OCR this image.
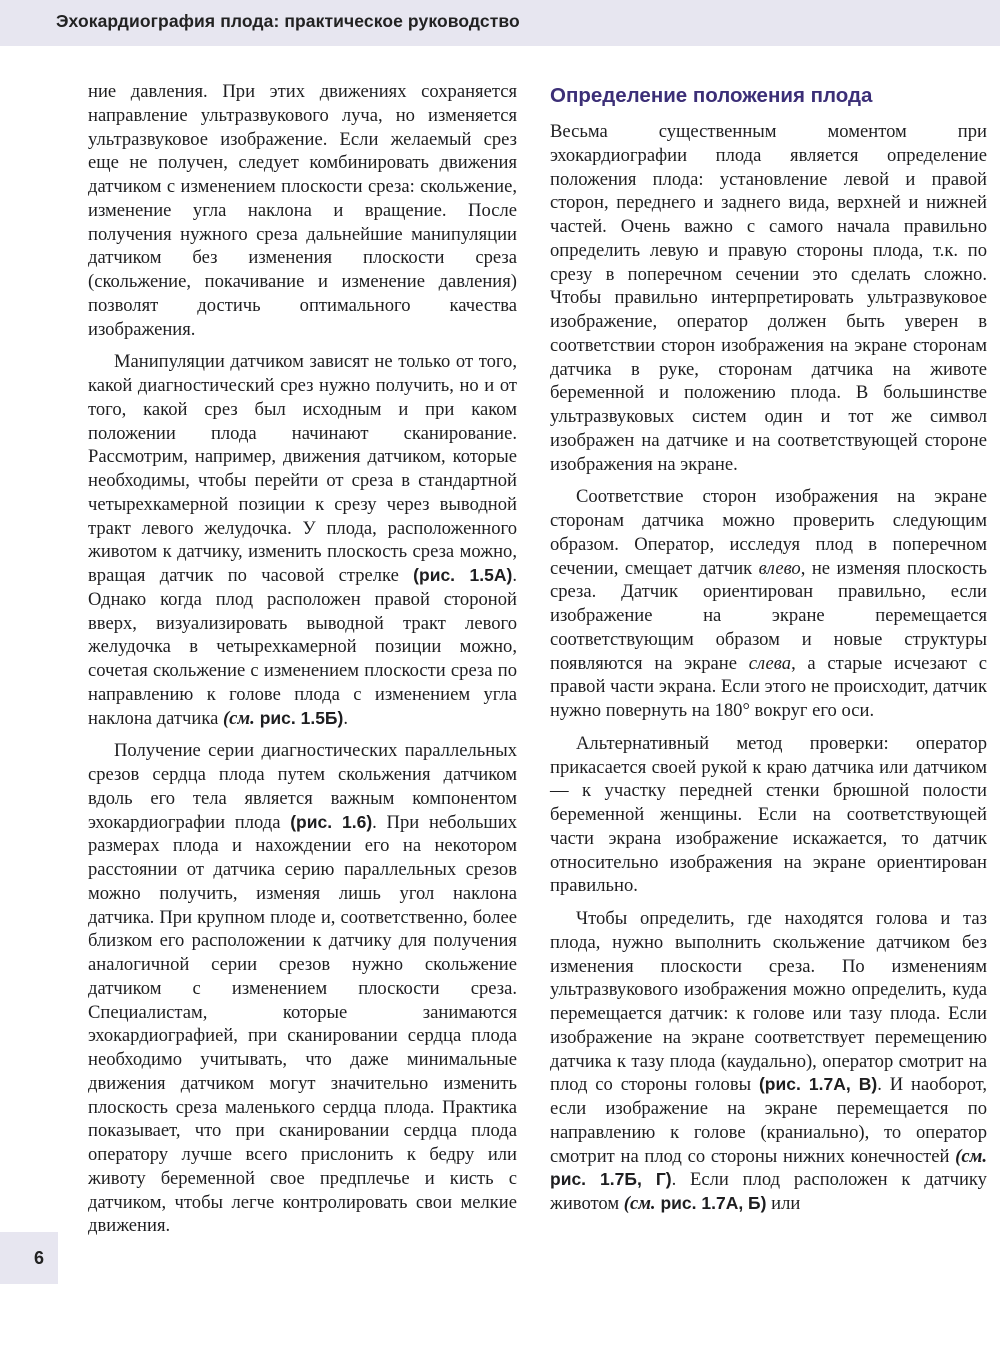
Эхокардиография плода: практическое руководство
6

ние давления. При этих движениях сохраняется направление ультразвукового луча, но изменяется ультразвуковое изображение. Если желаемый срез еще не получен, следует комбинировать движения датчиком с изменением плоскости среза: скольжение, изменение угла наклона и вращение. После получения нужного среза дальнейшие манипуляции датчиком без изменения плоскости среза (скольжение, покачивание и изменение давления) позволят достичь оптимального качества изображения.

Манипуляции датчиком зависят не только от того, какой диагностический срез нужно получить, но и от того, какой срез был исходным и при каком положении плода начинают сканирование. Рассмотрим, например, движения датчиком, которые необходимы, чтобы перейти от среза в стандартной четырехкамерной позиции к срезу через выводной тракт левого желудочка. У плода, расположенного животом к датчику, изменить плоскость среза можно, вращая датчик по часовой стрелке (рис. 1.5А). Однако когда плод расположен правой стороной вверх, визуализировать выводной тракт левого желудочка в четырехкамерной позиции можно, сочетая скольжение с изменением плоскости среза по направлению к голове плода с изменением угла наклона датчика (см. рис. 1.5Б).

Получение серии диагностических параллельных срезов сердца плода путем скольжения датчиком вдоль его тела является важным компонентом эхокардиографии плода (рис. 1.6). При небольших размерах плода и нахождении его на некотором расстоянии от датчика серию параллельных срезов можно получить, изменяя лишь угол наклона датчика. При крупном плоде и, соответственно, более близком его расположении к датчику для получения аналогичной серии срезов нужно скольжение датчиком с изменением плоскости среза. Специалистам, которые занимаются эхокардиографией, при сканировании сердца плода необходимо учитывать, что даже минимальные движения датчиком могут значительно изменить плоскость среза маленького сердца плода. Практика показывает, что при сканировании сердца плода оператору лучше всего прислонить к бедру или животу беременной свое предплечье и кисть с датчиком, чтобы легче контролировать свои мелкие движения.

Определение положения плода

Весьма существенным моментом при эхокардиографии плода является определение положения плода: установление левой и правой сторон, переднего и заднего вида, верхней и нижней частей. Очень важно с самого начала правильно определить левую и правую стороны плода, т.к. по срезу в поперечном сечении это сделать сложно. Чтобы правильно интерпретировать ультразвуковое изображение, оператор должен быть уверен в соответствии сторон изображения на экране сторонам датчика в руке, сторонам датчика на животе беременной и положению плода. В большинстве ультразвуковых систем один и тот же символ изображен на датчике и на соответствующей стороне изображения на экране.

Соответствие сторон изображения на экране сторонам датчика можно проверить следующим образом. Оператор, исследуя плод в поперечном сечении, смещает датчик влево, не изменяя плоскость среза. Датчик ориентирован правильно, если изображение на экране перемещается соответствующим образом и новые структуры появляются на экране слева, а старые исчезают с правой части экрана. Если этого не происходит, датчик нужно повернуть на 180° вокруг его оси.

Альтернативный метод проверки: оператор прикасается своей рукой к краю датчика или датчиком — к участку передней стенки брюшной полости беременной женщины. Если на соответствующей части экрана изображение искажается, то датчик относительно изображения на экране ориентирован правильно.

Чтобы определить, где находятся голова и таз плода, нужно выполнить скольжение датчиком без изменения плоскости среза. По изменениям ультразвукового изображения можно определить, куда перемещается датчик: к голове или тазу плода. Если изображение на экране соответствует перемещению датчика к тазу плода (каудально), оператор смотрит на плод со стороны головы (рис. 1.7А, В). И наоборот, если изображение на экране перемещается по направлению к голове (краниально), то оператор смотрит на плод со стороны нижних конечностей (см. рис. 1.7Б, Г). Если плод расположен к датчику животом (см. рис. 1.7А, Б) или
